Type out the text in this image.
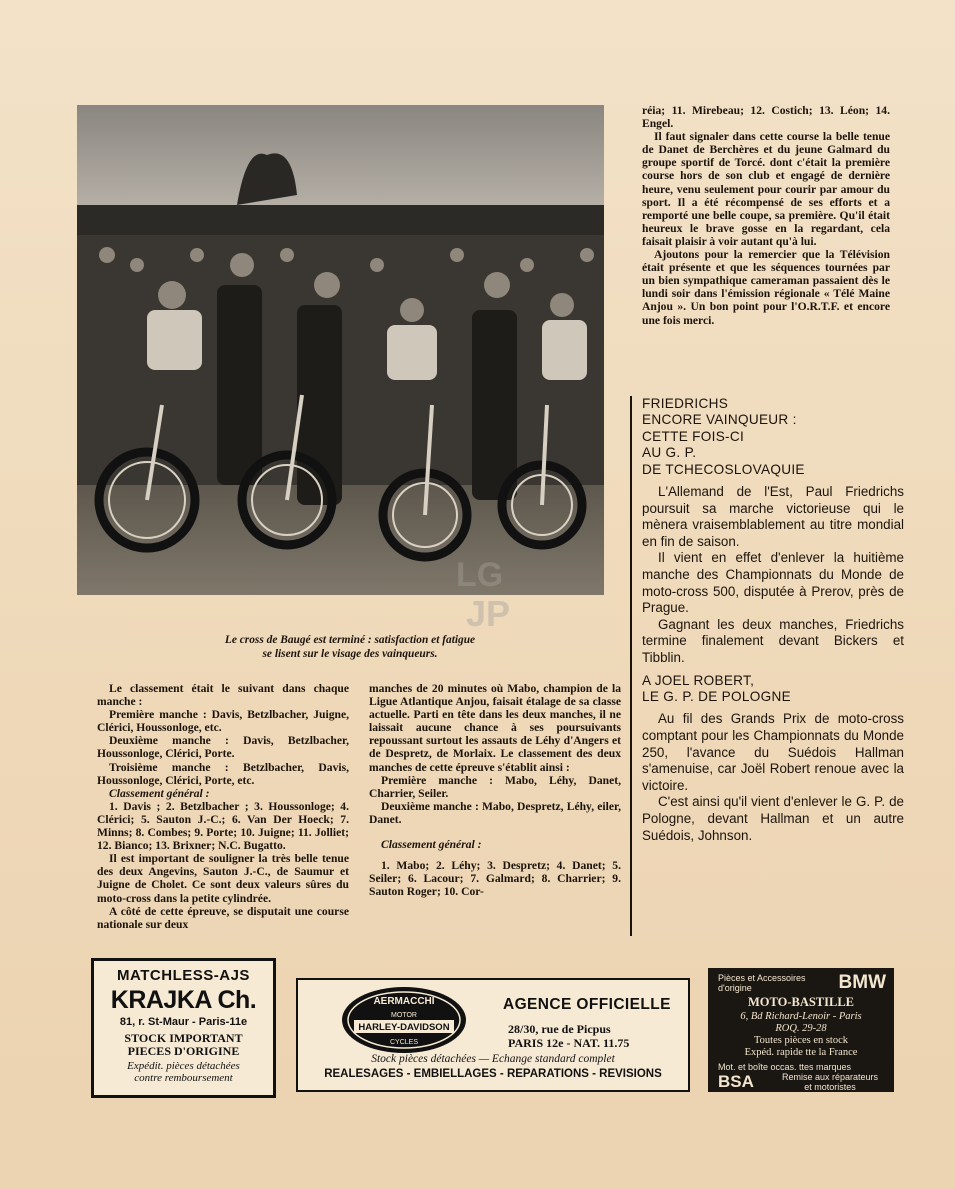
LG
JP
Le cross de Baugé est terminé : satisfaction et fatigue
se lisent sur le visage des vainqueurs.

réia; 11. Mirebeau; 12. Costich; 13. Léon; 14. Engel.

Il faut signaler dans cette course la belle tenue de Danet de Berchères et du jeune Galmard du groupe sportif de Torcé. dont c'était la première course hors de son club et engagé de dernière heure, venu seulement pour courir par amour du sport. Il a été récompensé de ses efforts et a remporté une belle coupe, sa première. Qu'il était heureux le brave gosse en la regardant, cela faisait plaisir à voir autant qu'à lui.

Ajoutons pour la remercier que la Télévision était présente et que les séquences tournées par un bien sympathique cameraman passaient dès le lundi soir dans l'émission régionale « Télé Maine Anjou ». Un bon point pour l'O.R.T.F. et encore une fois merci.

FRIEDRICHS

ENCORE VAINQUEUR :

CETTE FOIS-CI

AU G. P.

DE TCHECOSLOVAQUIE

L'Allemand de l'Est, Paul Friedrichs poursuit sa marche victorieuse qui le mènera vraisemblablement au titre mondial en fin de saison.

Il vient en effet d'enlever la huitième manche des Championnats du Monde de moto-cross 500, disputée à Prerov, près de Prague.

Gagnant les deux manches, Friedrichs termine finalement devant Bickers et Tibblin.

A JOEL ROBERT,

LE G. P. DE POLOGNE

Au fil des Grands Prix de moto-cross comptant pour les Championnats du Monde 250, l'avance du Suédois Hallman s'amenuise, car Joël Robert renoue avec la victoire.

C'est ainsi qu'il vient d'enlever le G. P. de Pologne, devant Hallman et un autre Suédois, Johnson.

Le classement était le suivant dans chaque manche :

Première manche : Davis, Betzlbacher, Juigne, Clérici, Houssonloge, etc.

Deuxième manche : Davis, Betzlbacher, Houssonloge, Clérici, Porte.

Troisième manche : Betzlbacher, Davis, Houssonloge, Clérici, Porte, etc.

Classement général :

1. Davis ; 2. Betzlbacher ; 3. Houssonloge; 4. Clérici; 5. Sauton J.-C.; 6. Van Der Hoeck; 7. Minns; 8. Combes; 9. Porte; 10. Juigne; 11. Jolliet; 12. Bianco; 13. Brixner; N.C. Bugatto.

Il est important de souligner la très belle tenue des deux Angevins, Sauton J.-C., de Saumur et Juigne de Cholet. Ce sont deux valeurs sûres du moto-cross dans la petite cylindrée.

A côté de cette épreuve, se disputait une course nationale sur deux

manches de 20 minutes où Mabo, champion de la Ligue Atlantique Anjou, faisait étalage de sa classe actuelle. Parti en tête dans les deux manches, il ne laissait aucune chance à ses poursuivants repoussant surtout les assauts de Léhy d'Angers et de Despretz, de Morlaix. Le classement des deux manches de cette épreuve s'établit ainsi :

Première manche : Mabo, Léhy, Danet, Charrier, Seiler.

Deuxième manche : Mabo, Despretz, Léhy, eiler, Danet.

Classement général :

1. Mabo; 2. Léhy; 3. Despretz; 4. Danet; 5. Seiler; 6. Lacour; 7. Galmard; 8. Charrier; 9. Sauton Roger; 10. Cor-

MATCHLESS-AJS
KRAJKA Ch.
81, r. St-Maur - Paris-11e
STOCK IMPORTANT
PIECES D'ORIGINE
Expédit. pièces détachées
contre remboursement
AERMACCHI
MOTOR
HARLEY-DAVIDSON
CYCLES
AGENCE OFFICIELLE
28/30, rue de Picpus
PARIS 12e - NAT. 11.75
Stock pièces détachées — Echange standard complet
REALESAGES - EMBIELLAGES - REPARATIONS - REVISIONS
Pièces et Accessoires
d'origine	BMW
MOTO-BASTILLE
6, Bd Richard-Lenoir - Paris
ROQ. 29-28
Toutes pièces en stock
Expéd. rapide tte la France
Mot. et boîte occas. ttes marques
BSA	Remise aux réparateurs
et motoristes
